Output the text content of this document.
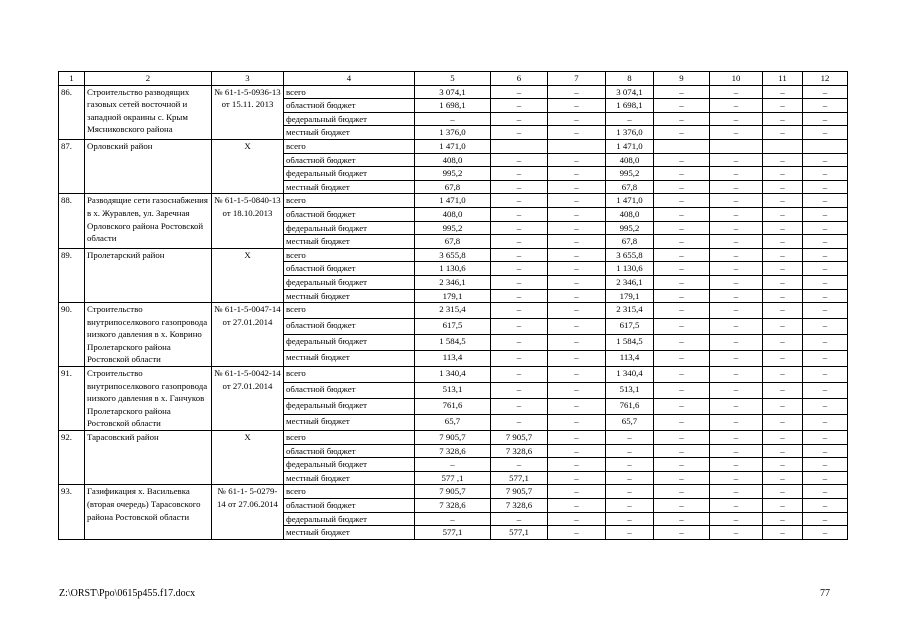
1	2	3	4	5	6	7	8	9	10	11	12
86.	Строительство разводящих газовых сетей восточной и западной окраины с. Крым Мясниковского района	№ 61-1-5-0936-13 от 15.11. 2013	всего	3 074,1	–	–	3 074,1	–	–	–	–
			областной бюджет	1 698,1	–	–	1 698,1	–	–	–	–
			федеральный бюджет	–	–	–	–	–	–	–	–
			местный бюджет	1 376,0	–	–	1 376,0	–	–	–	–
87.	Орловский район	Х	всего	1 471,0			1 471,0				
			областной бюджет	408,0	–	–	408,0	–	–	–	–
			федеральный бюджет	995,2	–	–	995,2	–	–	–	–
			местный бюджет	67,8	–	–	67,8	–	–	–	–
88.	Разводящие сети газоснабжения в х. Журавлев, ул. Заречная Орловского района Ростовской области	№ 61-1-5-0840-13 от 18.10.2013	всего	1 471,0	–	–	1 471,0	–	–	–	–
			областной бюджет	408,0	–	–	408,0	–	–	–	–
			федеральный бюджет	995,2	–	–	995,2	–	–	–	–
			местный бюджет	67,8	–	–	67,8	–	–	–	–
89.	Пролетарский район	Х	всего	3 655,8	–	–	3 655,8	–	–	–	–
			областной бюджет	1 130,6	–	–	1 130,6	–	–	–	–
			федеральный бюджет	2 346,1	–	–	2 346,1	–	–	–	–
			местный бюджет	179,1	–	–	179,1	–	–	–	–
90.	Строительство внутрипоселкового газопровода низкого давления в х. Коврино Пролетарского района Ростовской области	№ 61-1-5-0047-14 от 27.01.2014	всего	2 315,4	–	–	2 315,4	–	–	–	–
			областной бюджет	617,5	–	–	617,5	–	–	–	–
			федеральный бюджет	1 584,5	–	–	1 584,5	–	–	–	–
			местный бюджет	113,4	–	–	113,4	–	–	–	–
91.	Строительство внутрипоселкового газопровода низкого давления в х. Ганчуков Пролетарского района Ростовской области	№ 61-1-5-0042-14 от 27.01.2014	всего	1 340,4	–	–	1 340,4	–	–	–	–
			областной бюджет	513,1	–	–	513,1	–	–	–	–
			федеральный бюджет	761,6	–	–	761,6	–	–	–	–
			местный бюджет	65,7	–	–	65,7	–	–	–	–
92.	Тарасовский район	Х	всего	7 905,7	7 905,7	–	–	–	–	–	–
			областной бюджет	7 328,6	7 328,6	–	–	–	–	–	–
			федеральный бюджет	–	–	–	–	–	–	–	–
			местный бюджет	577 ,1	577,1	–	–	–	–	–	–
93.	Газификация х. Васильевка (вторая очередь) Тарасовского района Ростовской области	№ 61-1- 5-0279-14 от 27.06.2014	всего	7 905,7	7 905,7	–	–	–	–	–	–
			областной бюджет	7 328,6	7 328,6	–	–	–	–	–	–
			федеральный бюджет	–	–	–	–	–	–	–	–
			местный бюджет	577,1	577,1	–	–	–	–	–	–
Z:\ORST\Ppo\0615p455.f17.docx	77
